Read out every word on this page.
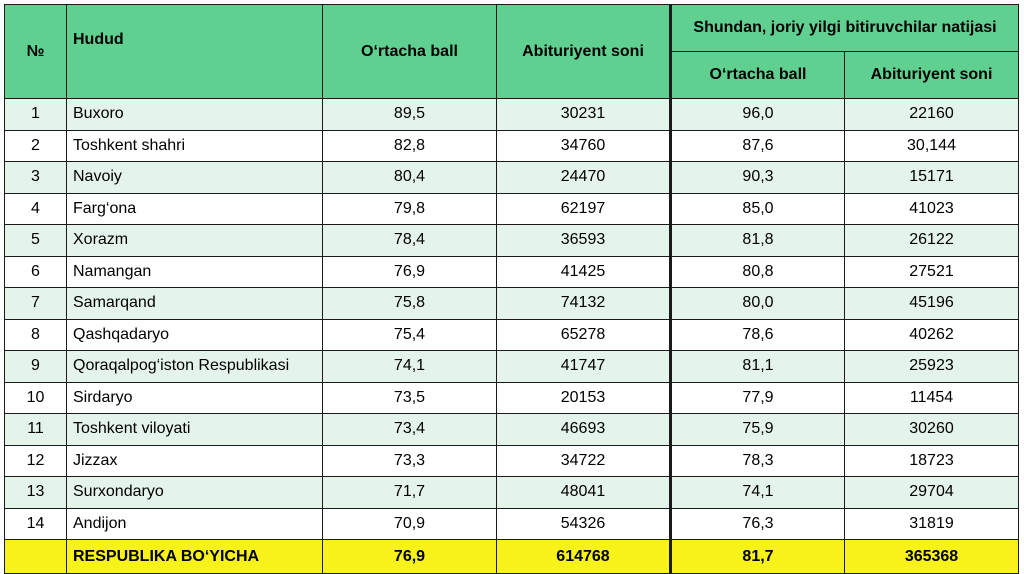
№	Hudud	O‘rtacha ball	Abituriyent soni	Shundan, joriy yilgi bitiruvchilar natijasi	
				O‘rtacha ball	Abituriyent soni
1	Buxoro	89,5	30231	96,0	22160
2	Toshkent shahri	82,8	34760	87,6	30,144
3	Navoiy	80,4	24470	90,3	15171
4	Farg‘ona	79,8	62197	85,0	41023
5	Xorazm	78,4	36593	81,8	26122
6	Namangan	76,9	41425	80,8	27521
7	Samarqand	75,8	74132	80,0	45196
8	Qashqadaryo	75,4	65278	78,6	40262
9	Qoraqalpog‘iston Respublikasi	74,1	41747	81,1	25923
10	Sirdaryo	73,5	20153	77,9	11454
11	Toshkent viloyati	73,4	46693	75,9	30260
12	Jizzax	73,3	34722	78,3	18723
13	Surxondaryo	71,7	48041	74,1	29704
14	Andijon	70,9	54326	76,3	31819
	RESPUBLIKA BO‘YICHA	76,9	614768	81,7	365368
